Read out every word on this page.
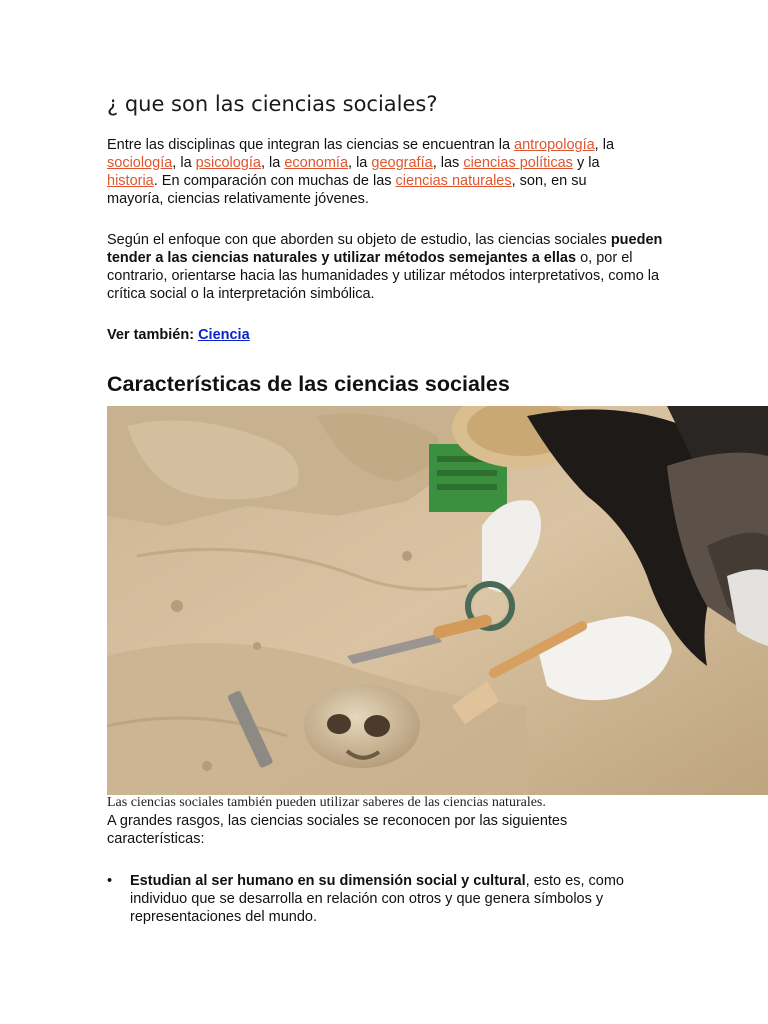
¿ que son las ciencias sociales?

Entre las disciplinas que integran las ciencias se encuentran la antropología, la sociología, la psicología, la economía, la geografía, las ciencias políticas y la historia. En comparación con muchas de las ciencias naturales, son, en su mayoría, ciencias relativamente jóvenes.

Según el enfoque con que aborden su objeto de estudio, las ciencias sociales pueden tender a las ciencias naturales y utilizar métodos semejantes a ellas o, por el contrario, orientarse hacia las humanidades y utilizar métodos interpretativos, como la crítica social o la interpretación simbólica.

Ver también: Ciencia

Características de las ciencias sociales

Las ciencias sociales también pueden utilizar saberes de las ciencias naturales.

A grandes rasgos, las ciencias sociales se reconocen por las siguientes características:

• Estudian al ser humano en su dimensión social y cultural, esto es, como individuo que se desarrolla en relación con otros y que genera símbolos y representaciones del mundo.
